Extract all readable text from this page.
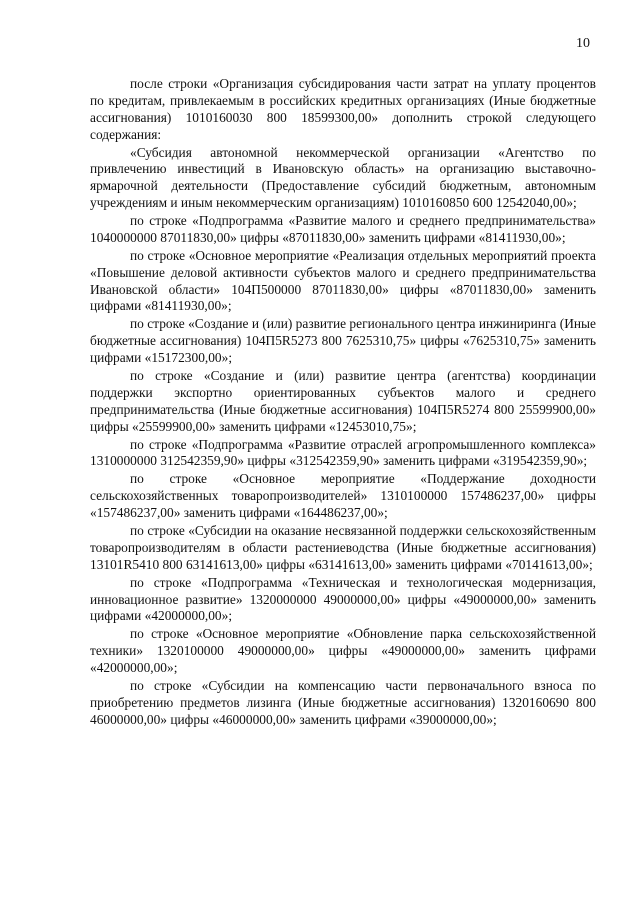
10

после строки «Организация субсидирования части затрат на уплату процентов по кредитам, привлекаемым в российских кредитных организациях (Иные бюджетные ассигнования) 1010160030 800 18599300,00» дополнить строкой следующего содержания:

«Субсидия автономной некоммерческой организации «Агентство по привлечению инвестиций в Ивановскую область» на организацию выставочно-ярмарочной деятельности (Предоставление субсидий бюджетным, автономным учреждениям и иным некоммерческим организациям) 1010160850 600 12542040,00»;

по строке «Подпрограмма «Развитие малого и среднего предпринимательства» 1040000000 87011830,00» цифры «87011830,00» заменить цифрами «81411930,00»;

по строке «Основное мероприятие «Реализация отдельных мероприятий проекта «Повышение деловой активности субъектов малого и среднего предпринимательства Ивановской области» 104П500000 87011830,00» цифры «87011830,00» заменить цифрами «81411930,00»;

по строке «Создание и (или) развитие регионального центра инжиниринга (Иные бюджетные ассигнования) 104П5R5273 800 7625310,75» цифры «7625310,75» заменить цифрами «15172300,00»;

по строке «Создание и (или) развитие центра (агентства) координации поддержки экспортно ориентированных субъектов малого и среднего предпринимательства (Иные бюджетные ассигнования) 104П5R5274 800 25599900,00» цифры «25599900,00» заменить цифрами «12453010,75»;

по строке «Подпрограмма «Развитие отраслей агропромышленного комплекса» 1310000000 312542359,90» цифры «312542359,90» заменить цифрами «319542359,90»;

по строке «Основное мероприятие «Поддержание доходности сельскохозяйственных товаропроизводителей» 1310100000 157486237,00» цифры «157486237,00» заменить цифрами «164486237,00»;

по строке «Субсидии на оказание несвязанной поддержки сельскохозяйственным товаропроизводителям в области растениеводства (Иные бюджетные ассигнования) 13101R5410 800 63141613,00» цифры «63141613,00» заменить цифрами «70141613,00»;

по строке «Подпрограмма «Техническая и технологическая модернизация, инновационное развитие» 1320000000 49000000,00» цифры «49000000,00» заменить цифрами «42000000,00»;

по строке «Основное мероприятие «Обновление парка сельскохозяйственной техники» 1320100000 49000000,00» цифры «49000000,00» заменить цифрами «42000000,00»;

по строке «Субсидии на компенсацию части первоначального взноса по приобретению предметов лизинга (Иные бюджетные ассигнования) 1320160690 800 46000000,00» цифры «46000000,00» заменить цифрами «39000000,00»;
